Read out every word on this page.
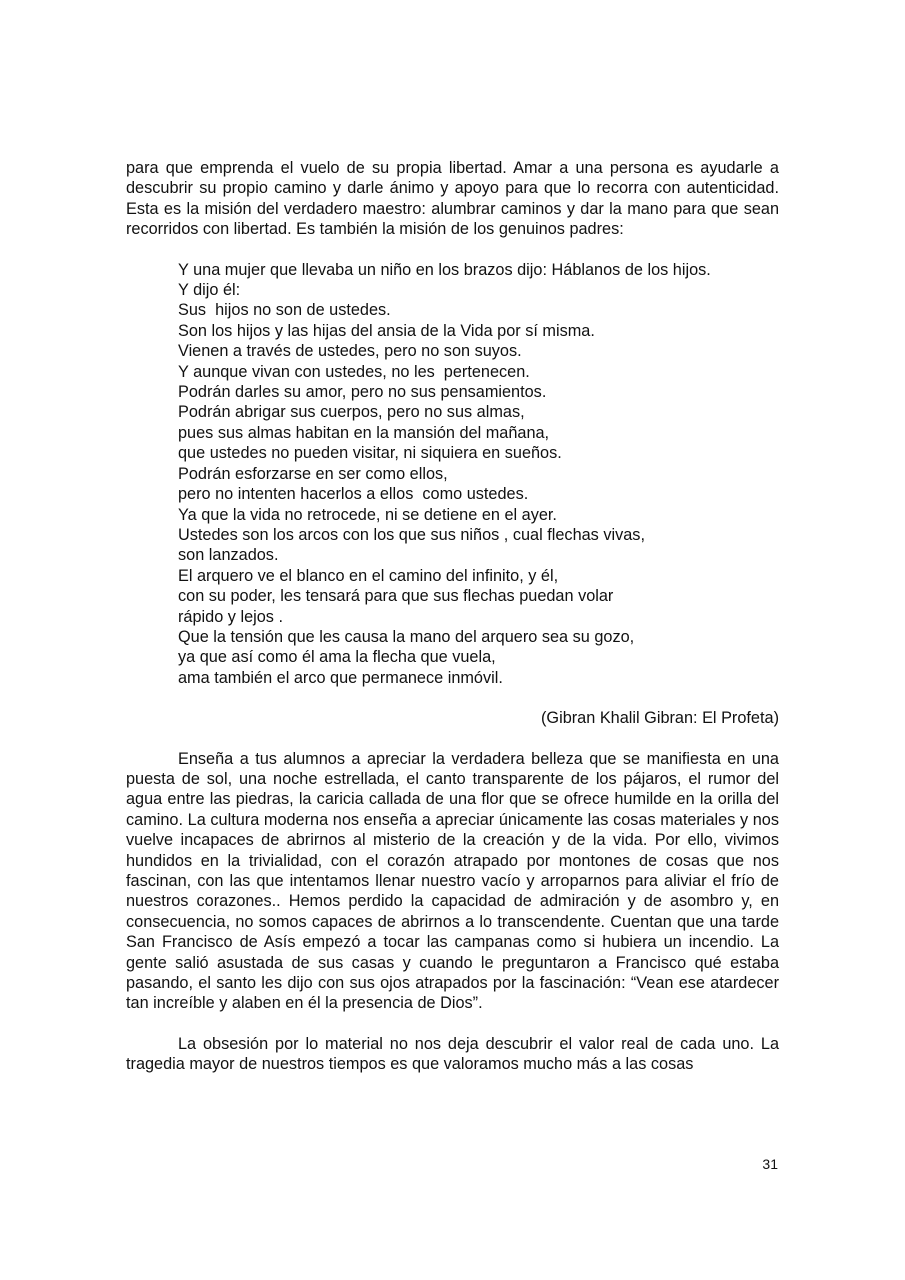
para que emprenda el vuelo de su propia libertad. Amar a una persona es ayudarle a descubrir su propio camino y darle ánimo y apoyo para que lo recorra con autenticidad. Esta es la misión del verdadero maestro: alumbrar caminos y dar la mano para que sean recorridos con libertad. Es también la misión de los genuinos padres:

Y una mujer que llevaba un niño en los brazos dijo: Háblanos de los hijos.
Y dijo él:
Sus  hijos no son de ustedes.
Son los hijos y las hijas del ansia de la Vida por sí misma.
Vienen a través de ustedes, pero no son suyos.
Y aunque vivan con ustedes, no les  pertenecen.
Podrán darles su amor, pero no sus pensamientos.
Podrán abrigar sus cuerpos, pero no sus almas,
pues sus almas habitan en la mansión del mañana,
que ustedes no pueden visitar, ni siquiera en sueños.
Podrán esforzarse en ser como ellos,
pero no intenten hacerlos a ellos  como ustedes.
Ya que la vida no retrocede, ni se detiene en el ayer.
Ustedes son los arcos con los que sus niños , cual flechas vivas,
son lanzados.
El arquero ve el blanco en el camino del infinito, y él,
con su poder, les tensará para que sus flechas puedan volar
rápido y lejos .
Que la tensión que les causa la mano del arquero sea su gozo,
ya que así como él ama la flecha que vuela,
ama también el arco que permanece inmóvil.

(Gibran Khalil Gibran: El Profeta)

Enseña a tus alumnos a apreciar la verdadera belleza que se manifiesta en una puesta de sol, una noche estrellada, el canto transparente de los pájaros, el rumor del agua entre las piedras, la caricia callada de una flor que se ofrece humilde en la orilla del camino. La cultura moderna nos enseña a apreciar únicamente las cosas materiales y nos vuelve incapaces de abrirnos al misterio de la creación y de la vida. Por ello, vivimos hundidos en la trivialidad, con el corazón atrapado por montones de cosas que nos fascinan, con las que intentamos llenar nuestro vacío y arroparnos para aliviar el frío de nuestros corazones.. Hemos perdido la capacidad de admiración y de asombro y, en consecuencia, no somos capaces de abrirnos a lo transcendente. Cuentan que una tarde San Francisco de Asís empezó a tocar las campanas como si hubiera un incendio. La gente salió asustada de sus casas y cuando le preguntaron a Francisco qué estaba pasando, el santo les dijo con sus ojos atrapados por la fascinación: “Vean ese atardecer tan increíble y alaben en él la presencia de Dios”.

La obsesión por lo material no nos deja descubrir el valor real de cada uno. La tragedia mayor de nuestros tiempos es que valoramos mucho más a las cosas

31
